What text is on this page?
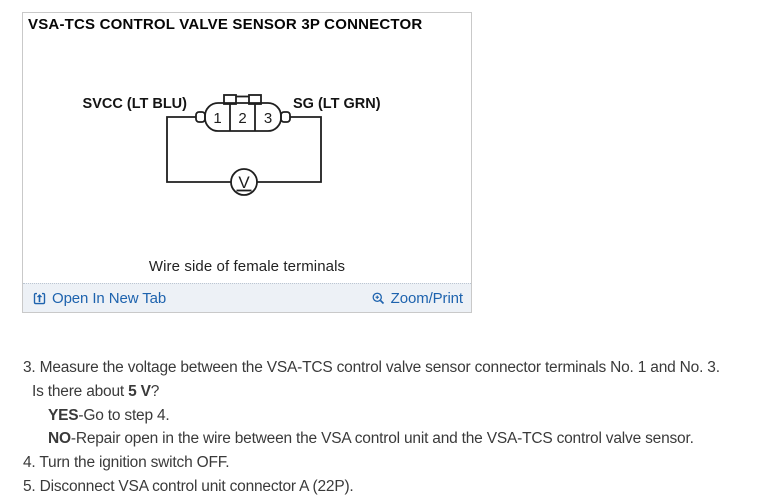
VSA-TCS CONTROL VALVE SENSOR 3P CONNECTOR
SVCC (LT BLU)	SG (LT GRN)
1 2 3
V
Wire side of female terminals
Open In New Tab	Zoom/Print
3. Measure the voltage between the VSA-TCS control valve sensor connector terminals No. 1 and No. 3.
Is there about 5 V?
YES-Go to step 4.
NO-Repair open in the wire between the VSA control unit and the VSA-TCS control valve sensor.
4. Turn the ignition switch OFF.
5. Disconnect VSA control unit connector A (22P).
